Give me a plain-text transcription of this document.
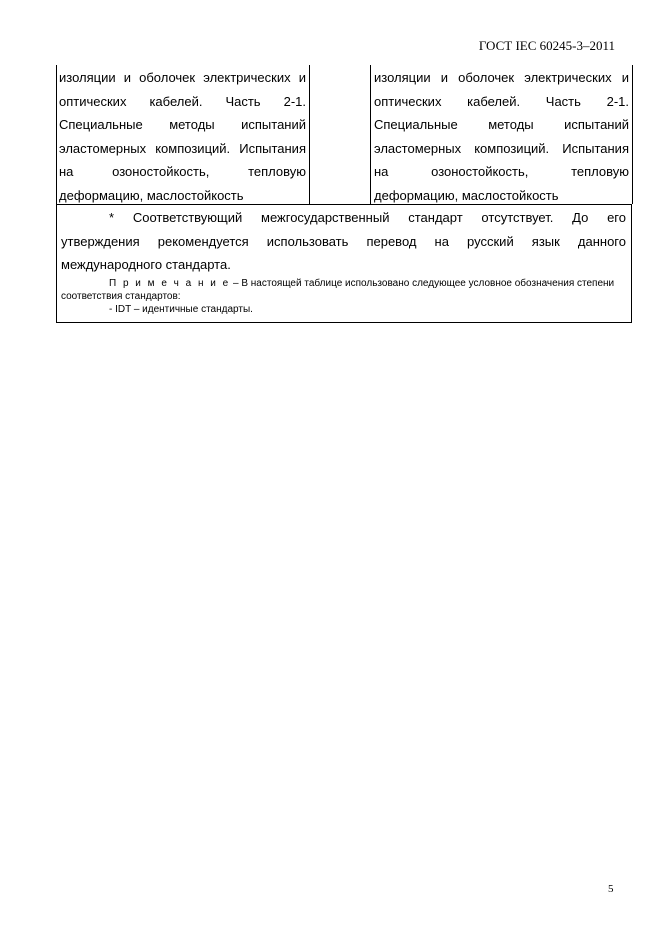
ГОСТ IEC 60245-3–2011
изоляции и оболочек электрических и
оптических кабелей. Часть 2-1.
Специальные методы испытаний
эластомерных композиций. Испытания
на озоностойкость, тепловую
деформацию, маслостойкость
изоляции и оболочек электрических и
оптических кабелей. Часть 2-1.
Специальные методы испытаний
эластомерных композиций. Испытания
на озоностойкость, тепловую
деформацию, маслостойкость
* Соответствующий межгосударственный стандарт отсутствует. До его
утверждения рекомендуется использовать перевод на русский язык данного
международного стандарта.
П р и м е ч а н и е – В настоящей таблице использовано следующее условное обозначения степени
соответствия стандартов:
- IDT – идентичные стандарты.
5
